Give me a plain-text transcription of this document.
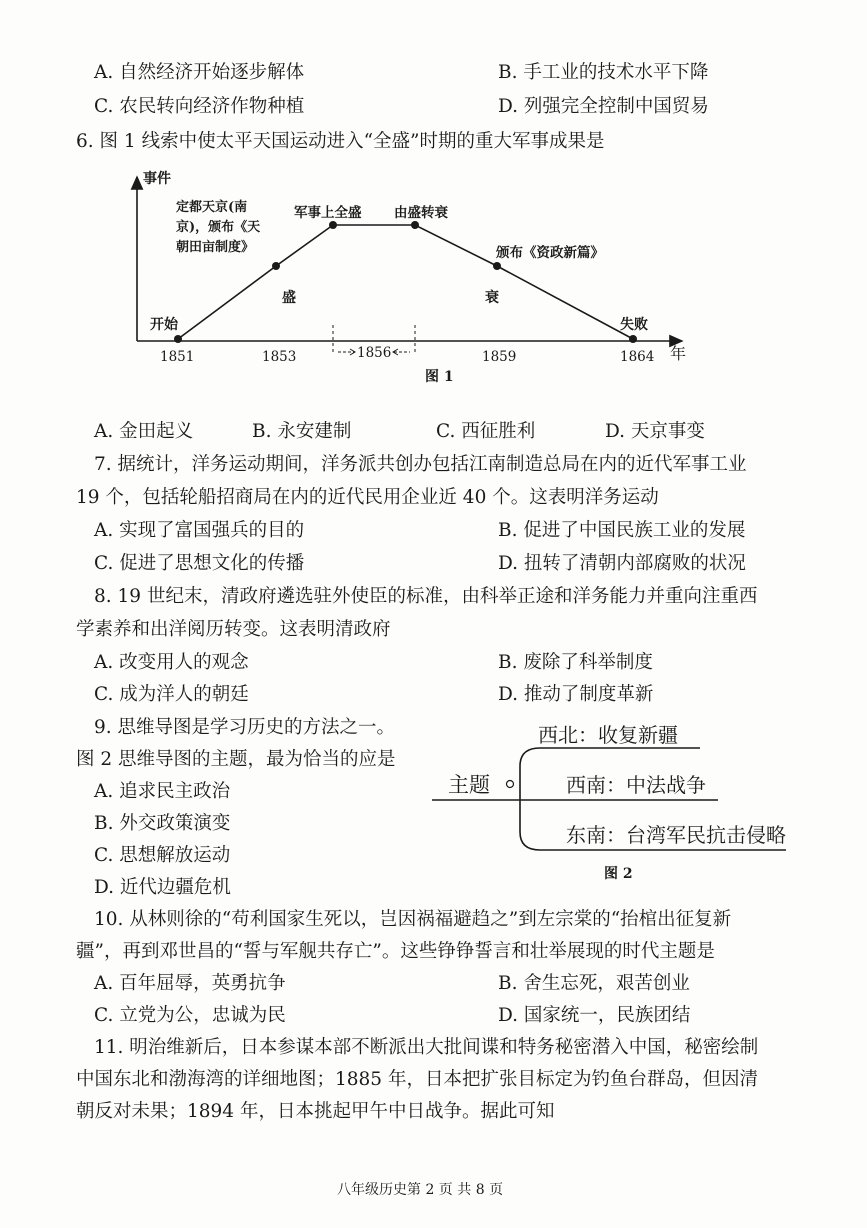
A. 自然经济开始逐步解体	B. 手工业的技术水平下降
C. 农民转向经济作物种植	D. 列强完全控制中国贸易
6. 图 1 线索中使太平天国运动进入“全盛”时期的重大军事成果是
事件
年
1851	1853	1856	1859	1864
开始
定都天京(南
京)，颁布《天
朝田亩制度》
军事上全盛 由盛转衰
颁布《资政新篇》
失败
盛	衰
图 1
A. 金田起义	B. 永安建制	C. 西征胜利	D. 天京事变
7. 据统计，洋务运动期间，洋务派共创办包括江南制造总局在内的近代军事工业
19 个，包括轮船招商局在内的近代民用企业近 40 个。这表明洋务运动
A. 实现了富国强兵的目的	B. 促进了中国民族工业的发展
C. 促进了思想文化的传播	D. 扭转了清朝内部腐败的状况
8. 19 世纪末，清政府遴选驻外使臣的标准，由科举正途和洋务能力并重向注重西
学素养和出洋阅历转变。这表明清政府
A. 改变用人的观念	B. 废除了科举制度
C. 成为洋人的朝廷	D. 推动了制度革新
9. 思维导图是学习历史的方法之一。
图 2 思维导图的主题，最为恰当的应是
A. 追求民主政治
B. 外交政策演变
C. 思想解放运动
D. 近代边疆危机
主题
西北：收复新疆
西南：中法战争
东南：台湾军民抗击侵略
图 2
10. 从林则徐的“苟利国家生死以，岂因祸福避趋之”到左宗棠的“抬棺出征复新
疆”，再到邓世昌的“誓与军舰共存亡”。这些铮铮誓言和壮举展现的时代主题是
A. 百年屈辱，英勇抗争	B. 舍生忘死，艰苦创业
C. 立党为公，忠诚为民	D. 国家统一，民族团结
11. 明治维新后，日本参谋本部不断派出大批间谍和特务秘密潜入中国，秘密绘制
中国东北和渤海湾的详细地图；1885 年，日本把扩张目标定为钓鱼台群岛，但因清
朝反对未果；1894 年，日本挑起甲午中日战争。据此可知
八年级历史第 2 页 共 8 页
